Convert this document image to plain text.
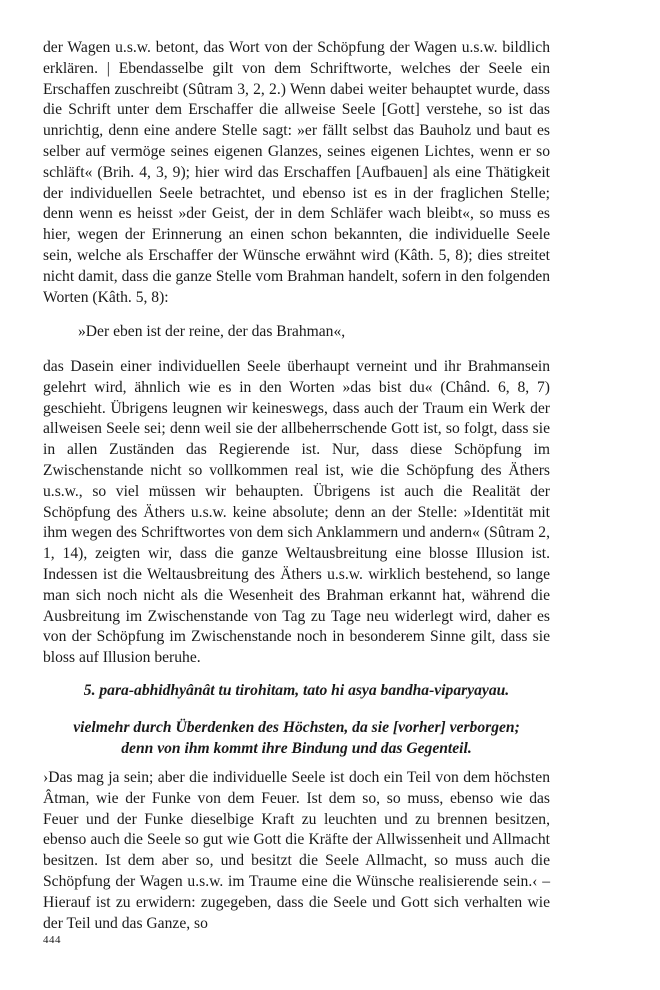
der Wagen u.s.w. betont, das Wort von der Schöpfung der Wagen u.s.w. bildlich erklären. | Ebendasselbe gilt von dem Schriftworte, welches der Seele ein Erschaffen zuschreibt (Sûtram 3, 2, 2.) Wenn dabei weiter behauptet wurde, dass die Schrift unter dem Erschaffer die allweise Seele [Gott] verstehe, so ist das unrichtig, denn eine andere Stelle sagt: »er fällt selbst das Bauholz und baut es selber auf vermöge seines eigenen Glanzes, seines eigenen Lichtes, wenn er so schläft« (Brih. 4, 3, 9); hier wird das Erschaffen [Aufbauen] als eine Thätigkeit der individuellen Seele betrachtet, und ebenso ist es in der fraglichen Stelle; denn wenn es heisst »der Geist, der in dem Schläfer wach bleibt«, so muss es hier, wegen der Erinnerung an einen schon bekannten, die individuelle Seele sein, welche als Erschaffer der Wünsche erwähnt wird (Kâth. 5, 8); dies streitet nicht damit, dass die ganze Stelle vom Brahman handelt, sofern in den folgenden Worten (Kâth. 5, 8):

»Der eben ist der reine, der das Brahman«,

das Dasein einer individuellen Seele überhaupt verneint und ihr Brahmansein gelehrt wird, ähnlich wie es in den Worten »das bist du« (Chând. 6, 8, 7) geschieht. Übrigens leugnen wir keineswegs, dass auch der Traum ein Werk der allweisen Seele sei; denn weil sie der allbeherrschende Gott ist, so folgt, dass sie in allen Zuständen das Regierende ist. Nur, dass diese Schöpfung im Zwischenstande nicht so vollkommen real ist, wie die Schöpfung des Äthers u.s.w., so viel müssen wir behaupten. Übrigens ist auch die Realität der Schöpfung des Äthers u.s.w. keine absolute; denn an der Stelle: »Identität mit ihm wegen des Schriftwortes von dem sich Anklammern und andern« (Sûtram 2, 1, 14), zeigten wir, dass die ganze Weltausbreitung eine blosse Illusion ist. Indessen ist die Weltausbreitung des Äthers u.s.w. wirklich bestehend, so lange man sich noch nicht als die Wesenheit des Brahman erkannt hat, während die Ausbreitung im Zwischenstande von Tag zu Tage neu widerlegt wird, daher es von der Schöpfung im Zwischenstande noch in besonderem Sinne gilt, dass sie bloss auf Illusion beruhe.

5. para-abhidhyânât tu tirohitam, tato hi asya bandha-viparyayau.
vielmehr durch Überdenken des Höchsten, da sie [vorher] verborgen;
denn von ihm kommt ihre Bindung und das Gegenteil.

›Das mag ja sein; aber die individuelle Seele ist doch ein Teil von dem höchsten Âtman, wie der Funke von dem Feuer. Ist dem so, so muss, ebenso wie das Feuer und der Funke dieselbige Kraft zu leuchten und zu brennen besitzen, ebenso auch die Seele so gut wie Gott die Kräfte der Allwissenheit und Allmacht besitzen. Ist dem aber so, und besitzt die Seele Allmacht, so muss auch die Schöpfung der Wagen u.s.w. im Traume eine die Wünsche realisierende sein.‹ – Hierauf ist zu erwidern: zugegeben, dass die Seele und Gott sich verhalten wie der Teil und das Ganze, so

444
